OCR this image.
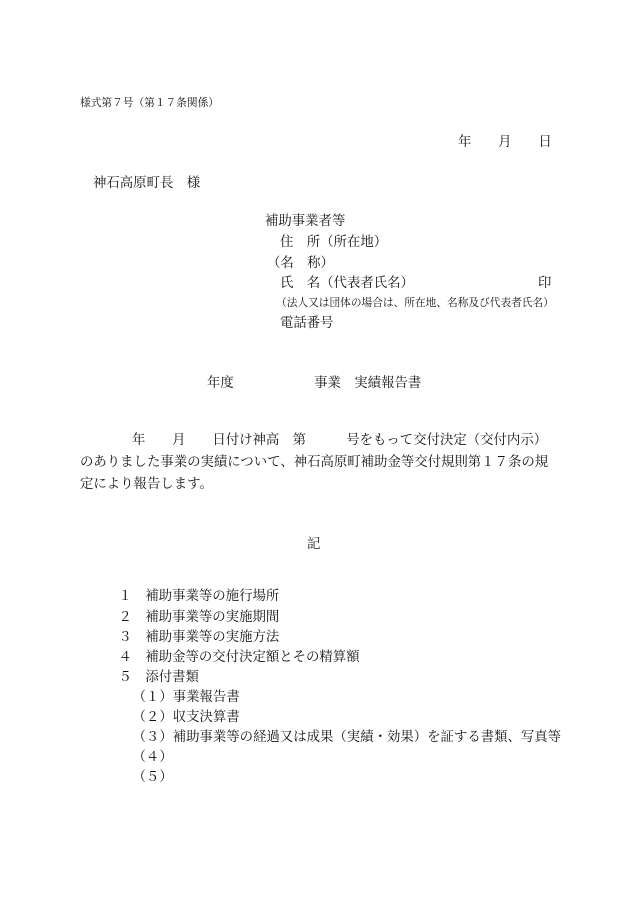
様式第７号（第１７条関係）
年　　月　　日
神石高原町長　様
補助事業者等
住　所（所在地）
（名　称）
氏　名（代表者氏名）	印
（法人又は団体の場合は、所在地、名称及び代表者氏名）
電話番号
年度　　　　　　事業　実績報告書
年　　月　　日付け神高　第　　　号をもって交付決定（交付内示）
のありました事業の実績について、神石高原町補助金等交付規則第１７条の規
定により報告します。
記

１ 補助事業等の施行場所

２ 補助事業等の実施期間

３ 補助事業等の実施方法

４ 補助金等の交付決定額とその精算額

５ 添付書類

（１）事業報告書

（２）収支決算書

（３）補助事業等の経過又は成果（実績・効果）を証する書類、写真等

（４）

（５）
